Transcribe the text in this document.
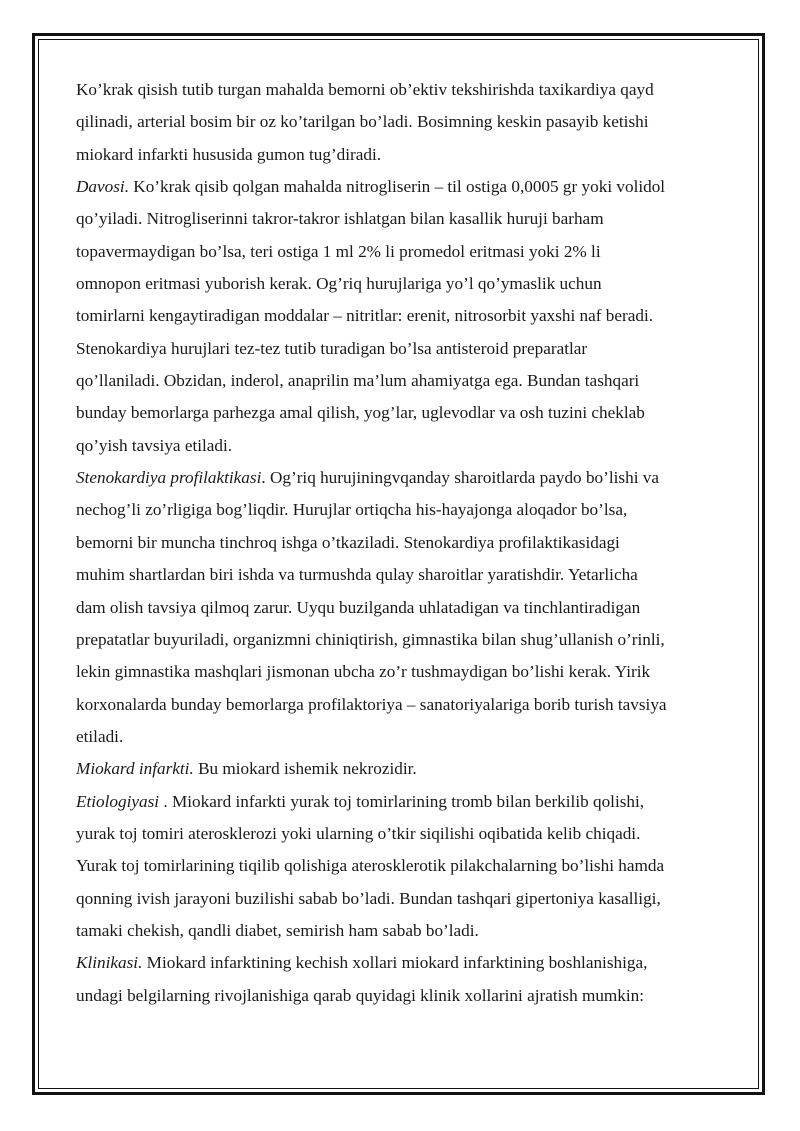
Ko’krak qisish tutib turgan mahalda bemorni ob’ektiv tekshirishda taxikardiya qayd
qilinadi, arterial bosim bir oz ko’tarilgan bo’ladi. Bosimning keskin pasayib ketishi
miokard infarkti hususida gumon tug’diradi.
Davosi. Ko’krak qisib qolgan mahalda nitrogliserin – til ostiga 0,0005 gr yoki volidol
qo’yiladi. Nitrogliserinni takror-takror ishlatgan bilan kasallik huruji barham
topavermaydigan bo’lsa, teri ostiga 1 ml 2% li promedol eritmasi yoki 2% li
omnopon eritmasi yuborish kerak. Og’riq hurujlariga yo’l qo’ymaslik uchun
tomirlarni kengaytiradigan moddalar – nitritlar: erenit, nitrosorbit yaxshi naf beradi.
Stenokardiya hurujlari tez-tez tutib turadigan bo’lsa antisteroid preparatlar
qo’llaniladi. Obzidan, inderol, anaprilin ma’lum ahamiyatga ega. Bundan tashqari
bunday bemorlarga parhezga amal qilish, yog’lar, uglevodlar va osh tuzini cheklab
qo’yish tavsiya etiladi.
Stenokardiya profilaktikasi. Og’riq hurujiningvqanday sharoitlarda paydo bo’lishi va
nechog’li zo’rligiga bog’liqdir. Hurujlar ortiqcha his-hayajonga aloqador bo’lsa,
bemorni bir muncha tinchroq ishga o’tkaziladi. Stenokardiya profilaktikasidagi
muhim shartlardan biri ishda va turmushda qulay sharoitlar yaratishdir. Yetarlicha
dam olish tavsiya qilmoq zarur. Uyqu buzilganda uhlatadigan va tinchlantiradigan
prepatatlar buyuriladi, organizmni chiniqtirish, gimnastika bilan shug’ullanish o’rinli,
lekin gimnastika mashqlari jismonan ubcha zo’r tushmaydigan bo’lishi kerak. Yirik
korxonalarda bunday bemorlarga profilaktoriya – sanatoriyalariga borib turish tavsiya
etiladi.
Miokard infarkti. Bu miokard ishemik nekrozidir.
Etiologiyasi . Miokard infarkti yurak toj tomirlarining tromb bilan berkilib qolishi,
yurak toj tomiri aterosklerozi yoki ularning o’tkir siqilishi oqibatida kelib chiqadi.
Yurak toj tomirlarining tiqilib qolishiga aterosklerotik pilakchalarning bo’lishi hamda
qonning ivish jarayoni buzilishi sabab bo’ladi. Bundan tashqari gipertoniya kasalligi,
tamaki chekish, qandli diabet, semirish ham sabab bo’ladi.
Klinikasi. Miokard infarktining kechish xollari miokard infarktining boshlanishiga,
undagi belgilarning rivojlanishiga qarab quyidagi klinik xollarini ajratish mumkin:
